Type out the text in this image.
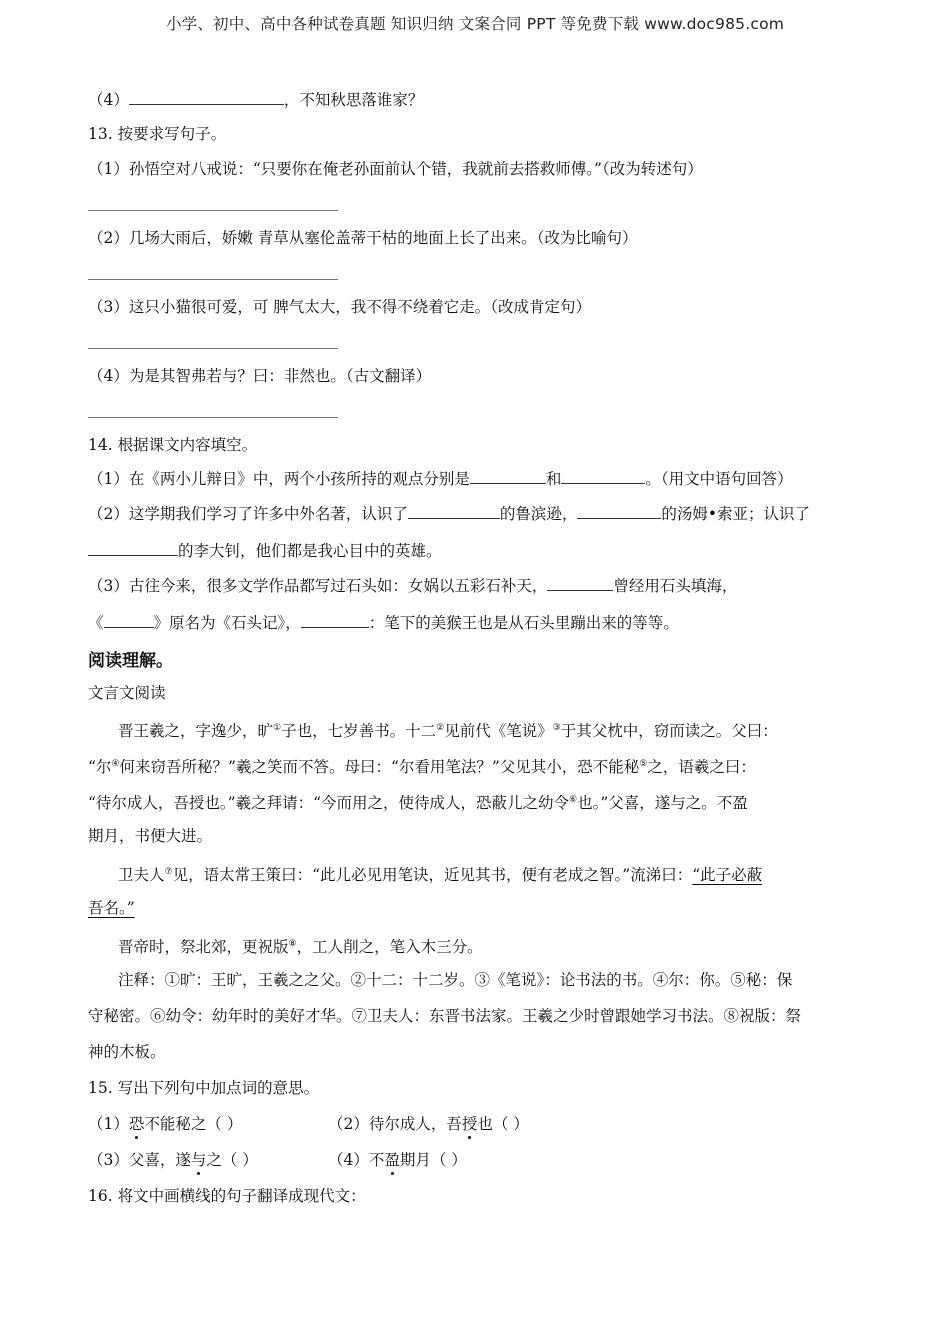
小学、初中、高中各种试卷真题 知识归纳 文案合同 PPT 等免费下载 www.doc985.com
（4）	，不知秋思落谁家？
13. 按要求写句子。
（1）孙悟空对八戒说：“只要你在俺老孙面前认个错，我就前去搭救师傅。”（改为转述句）
（2）几场大雨后，娇嫩 青草从塞伦盖蒂干枯的地面上长了出来。（改为比喻句）
（3）这只小猫很可爱，可 脾气太大，我不得不绕着它走。（改成肯定句）
（4）为是其智弗若与？曰：非然也。（古文翻译）
14. 根据课文内容填空。
（1）在《两小儿辩日》中，两个小孩所持的观点分别是	和	。（用文中语句回答）
（2）这学期我们学习了许多中外名著，认识了	的鲁滨逊，	的汤姆•索亚；认识了
的李大钊，他们都是我心目中的英雄。
（3）古往今来，很多文学作品都写过石头如：女娲以五彩石补天，	曾经用石头填海，
《	》原名为《石头记》，	：笔下的美猴王也是从石头里蹦出来的等等。
阅读理解。
文言文阅读
晋王羲之，字逸少，旷①子也，七岁善书。十二②见前代《笔说》③于其父枕中，窃而读之。父曰：
“尔④何来窃吾所秘？”羲之笑而不答。母曰：“尔看用笔法？”父见其小，恐不能秘⑤之，语羲之曰：
“待尔成人，吾授也。”羲之拜请：“今而用之，使待成人，恐蔽儿之幼令⑥也。”父喜，遂与之。不盈
期月，书便大进。
卫夫人⑦见，语太常王策曰：“此儿必见用笔诀，近见其书，便有老成之智。”流涕曰：“此子必蔽
吾名。”
晋帝时，祭北郊，更祝版⑧，工人削之，笔入木三分。
注释：①旷：王旷，王羲之之父。②十二：十二岁。③《笔说》：论书法的书。④尔：你。⑤秘：保
守秘密。⑥幼令：幼年时的美好才华。⑦卫夫人：东晋书法家。王羲之少时曾跟她学习书法。⑧祝版：祭
神的木板。
15. 写出下列句中加点词的意思。
（1）恐不能秘之（ ）	（2）待尔成人，吾授也（ ）
（3）父喜，遂与之（ ）	（4）不盈期月（ ）
16. 将文中画横线的句子翻译成现代文：
